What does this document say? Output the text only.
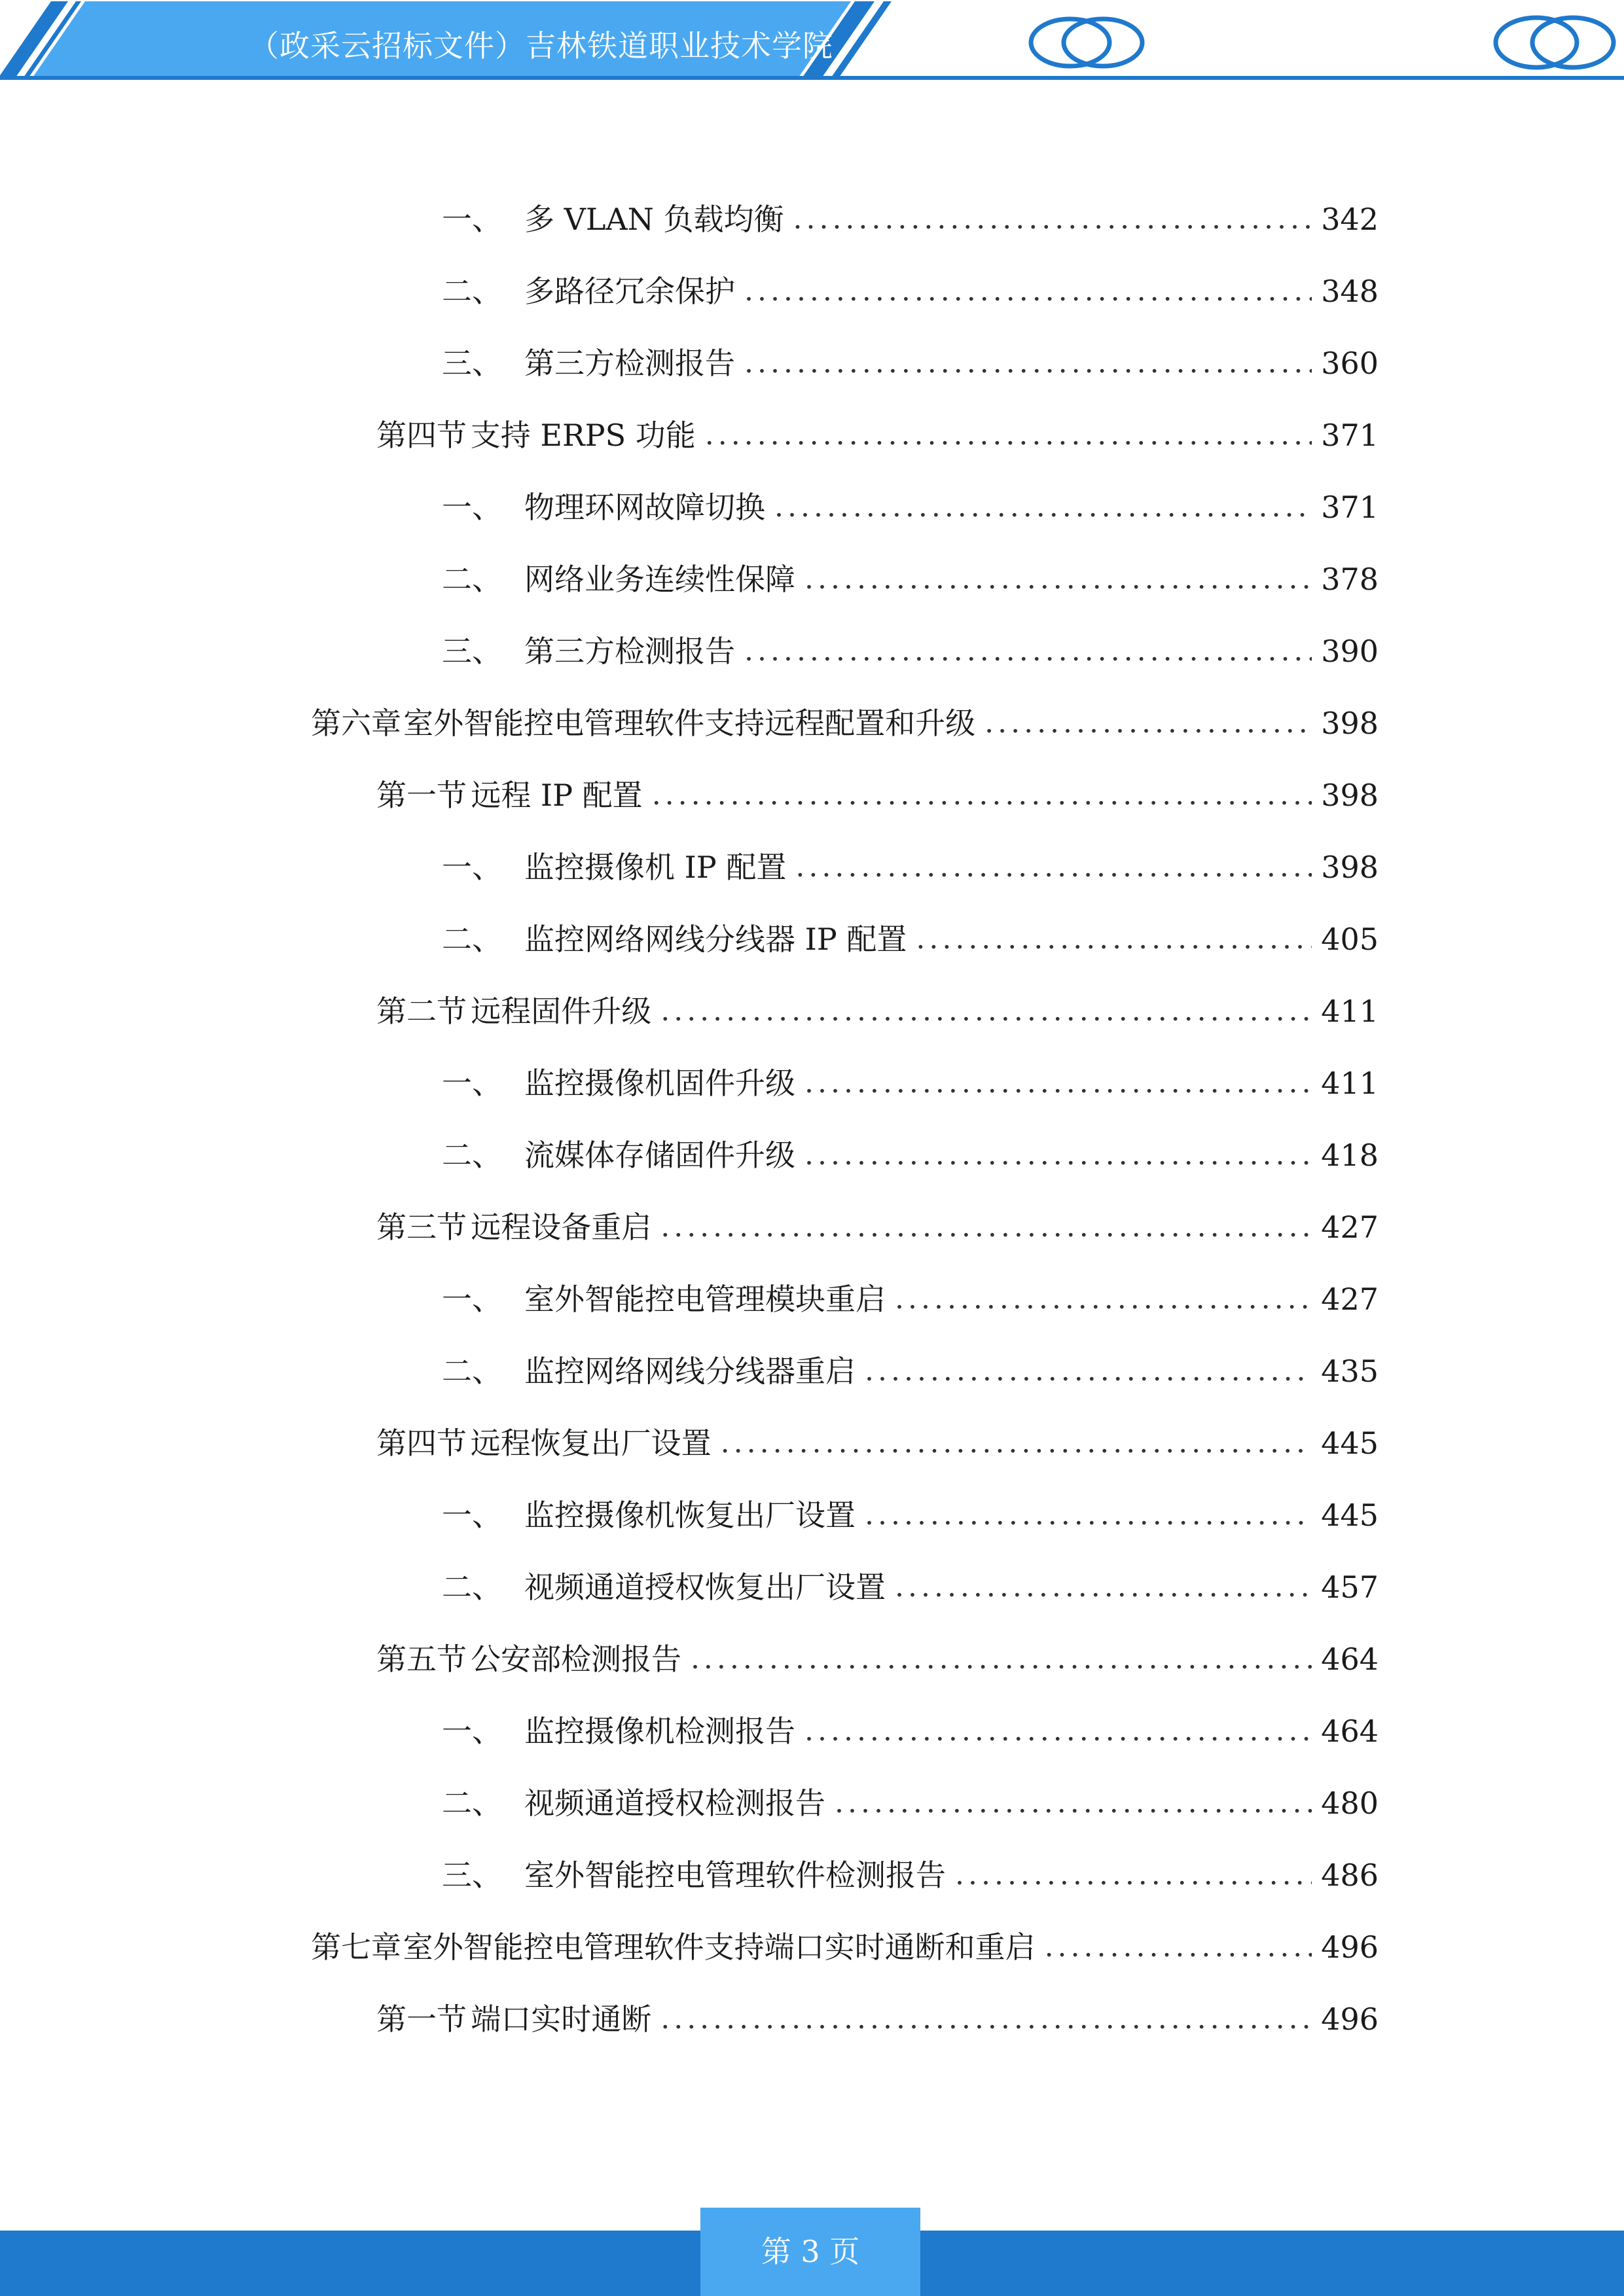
（政采云招标文件）吉林铁道职业技术学院
一、 多 VLAN 负载均衡 .....	342
二、 多路径冗余保护 .....	348
三、 第三方检测报告 .....	360
第四节 支持 ERPS 功能 .....	371
一、 物理环网故障切换 .....	371
二、 网络业务连续性保障 .....	378
三、 第三方检测报告 .....	390
第六章 室外智能控电管理软件支持远程配置和升级 .....	398
第一节 远程 IP 配置 .....	398
一、 监控摄像机 IP 配置 .....	398
二、 监控网络网线分线器 IP 配置 .....	405
第二节 远程固件升级 .....	411
一、 监控摄像机固件升级 .....	411
二、 流媒体存储固件升级 .....	418
第三节 远程设备重启 .....	427
一、 室外智能控电管理模块重启 .....	427
二、 监控网络网线分线器重启 .....	435
第四节 远程恢复出厂设置 .....	445
一、 监控摄像机恢复出厂设置 .....	445
二、 视频通道授权恢复出厂设置 .....	457
第五节 公安部检测报告 .....	464
一、 监控摄像机检测报告 .....	464
二、 视频通道授权检测报告 .....	480
三、 室外智能控电管理软件检测报告 .....	486
第七章 室外智能控电管理软件支持端口实时通断和重启 .....	496
第一节 端口实时通断 .....	496
第 3 页
